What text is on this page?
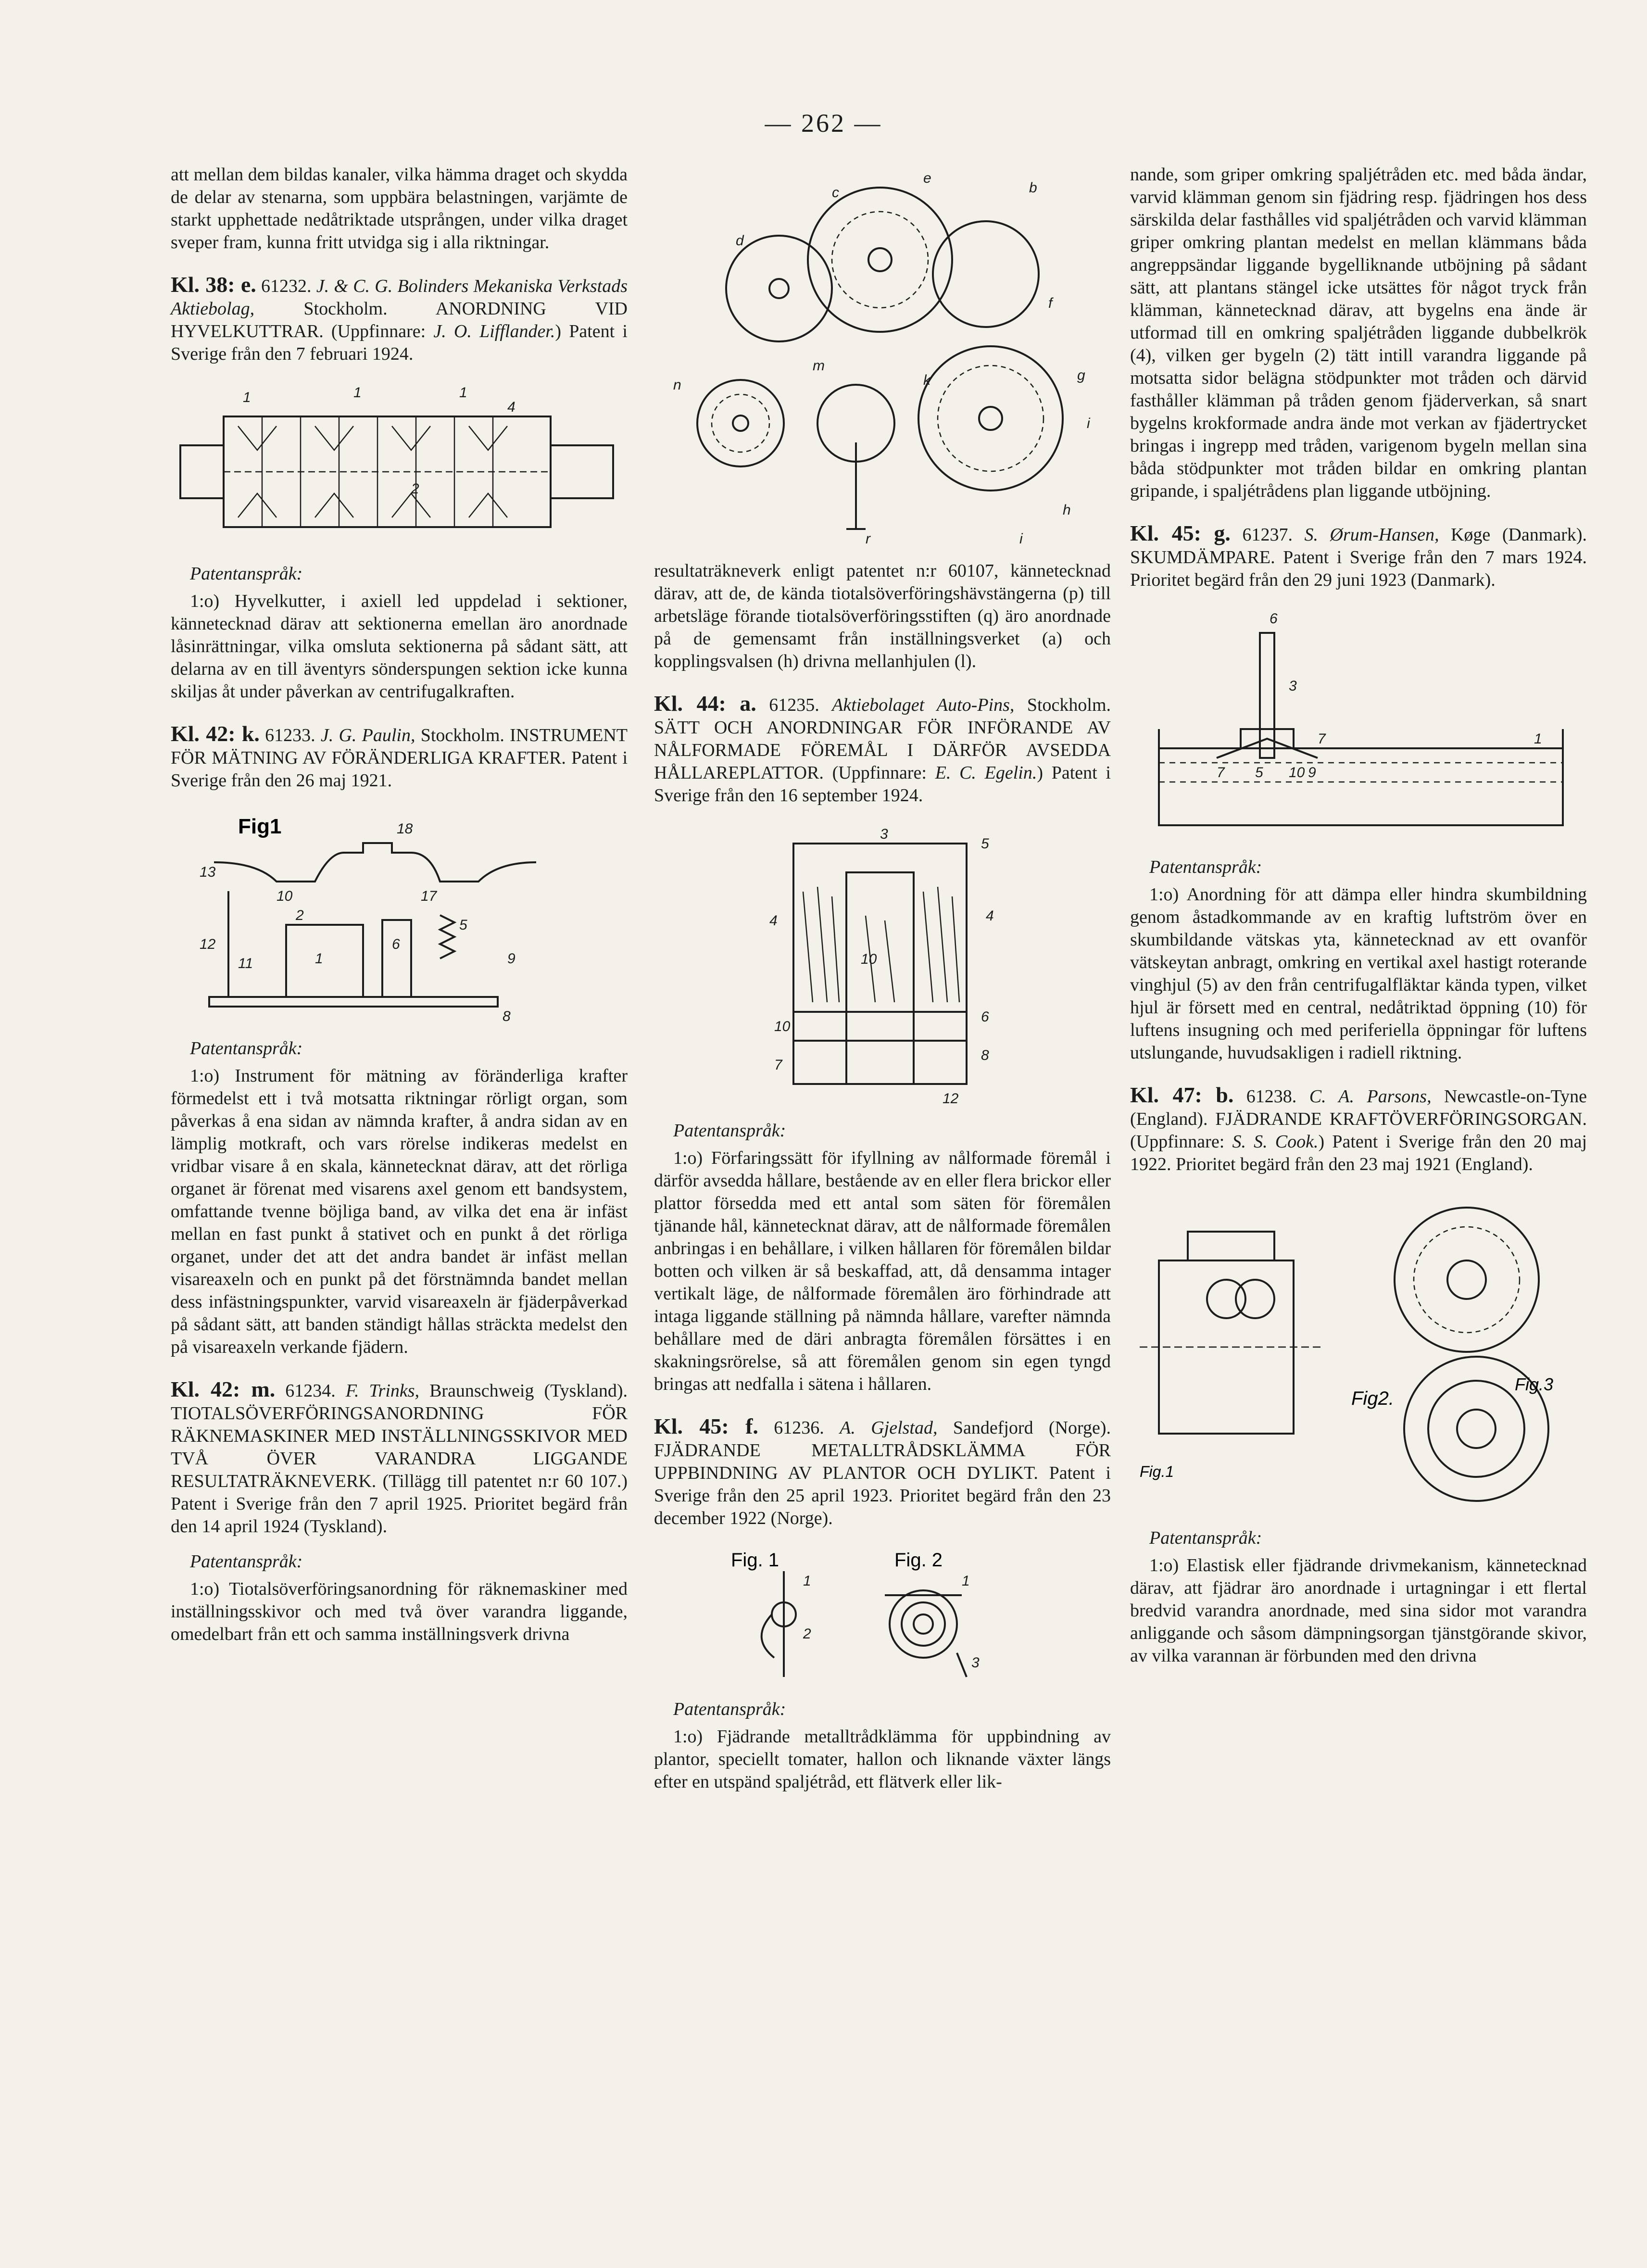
— 262 —

att mellan dem bildas kanaler, vilka hämma draget och skydda de delar av stenarna, som uppbära belastningen, varjämte de starkt upphettade nedåtriktade utsprången, under vilka draget sveper fram, kunna fritt utvidga sig i alla riktningar.

Kl. 38: e. 61232. J. & C. G. Bolinders Mekaniska Verkstads Aktiebolag,	Stockholm. ANORDNING VID HYVELKUTTRAR. (Uppfinnare: J. O. Lifflander.) Patent i Sverige från den 7 februari 1924.

1	1	1
4
2

Patentanspråk:

1:o) Hyvelkutter, i axiell led uppdelad i sektioner, kännetecknad därav att sektionerna emellan äro anordnade låsinrättningar, vilka omsluta sektionerna på sådant sätt, att delarna av en till äventyrs sönderspungen sektion icke kunna skiljas åt under påverkan av centrifugalkraften.

Kl. 42: k. 61233. J. G. Paulin, Stockholm. INSTRUMENT FÖR MÄTNING AV FÖRÄNDERLIGA KRAFTER. Patent i Sverige från den 26 maj 1921.

Fig1
13
10
2
18
17
5
6
9
1
12
11
8

Patentanspråk:

1:o) Instrument för mätning av föränderliga krafter förmedelst ett i två motsatta riktningar rörligt organ, som påverkas å ena sidan av nämnda krafter, å andra sidan av en lämplig motkraft, och vars rörelse indikeras medelst en vridbar visare å en skala, kännetecknat därav, att det rörliga organet är förenat med visarens axel genom ett bandsystem, omfattande tvenne böjliga band, av vilka det ena är infäst mellan en fast punkt å stativet och en punkt å det rörliga organet, under det att det andra bandet är infäst mellan visareaxeln och en punkt på det förstnämnda bandet mellan dess infästningspunkter, varvid visareaxeln är fjäderpåverkad på sådant sätt, att banden ständigt hållas sträckta medelst den på visareaxeln verkande fjädern.

Kl. 42: m. 61234. F. Trinks, Braunschweig (Tyskland). TIOTALSÖVERFÖRINGSANORDNING FÖR RÄKNEMASKINER MED INSTÄLLNINGSSKIVOR MED TVÅ ÖVER VARANDRA LIGGANDE RESULTATRÄKNEVERK. (Tillägg till patentet n:r 60 107.) Patent i Sverige från den 7 april 1925. Prioritet begärd från den 14 april 1924 (Tyskland).

Patentanspråk:

1:o) Tiotalsöverföringsanordning för räknemaskiner med inställningsskivor och med två över varandra liggande, omedelbart från ett och samma inställningsverk drivna

d
c
e
b
f
g
i
h
n
m
k
r	i

resultaträkneverk enligt patentet n:r 60107, kännetecknad därav, att de, de kända tiotalsöverföringshävstängerna (p) till arbetsläge förande tiotalsöverföringsstiften (q) äro anordnade på de gemensamt från inställningsverket (a) och kopplingsvalsen (h) drivna mellanhjulen (l).

Kl. 44: a. 61235. Aktiebolaget Auto-Pins, Stockholm. SÄTT OCH ANORDNINGAR FÖR INFÖRANDE AV NÅLFORMADE FÖREMÅL I DÄRFÖR AVSEDDA HÅLLAREPLATTOR. (Uppfinnare: E. C. Egelin.) Patent i Sverige från den 16 september 1924.

3
5
4	4
10
6
10
7
8
12

Patentanspråk:

1:o) Förfaringssätt för ifyllning av nålformade föremål i därför avsedda hållare, bestående av en eller flera brickor eller plattor försedda med ett antal som säten för föremålen tjänande hål, kännetecknat därav, att de nålformade föremålen anbringas i en behållare, i vilken hållaren för föremålen bildar botten och vilken är så beskaffad, att, då densamma intager vertikalt läge, de nålformade föremålen äro förhindrade att intaga liggande ställning på nämnda hållare, varefter nämnda behållare med de däri anbragta föremålen försättes i en skakningsrörelse, så att föremålen genom sin egen tyngd bringas att nedfalla i sätena i hållaren.

Kl. 45: f. 61236. A. Gjelstad, Sandefjord (Norge). FJÄDRANDE METALLTRÅDSKLÄMMA FÖR UPPBINDNING AV PLANTOR OCH DYLIKT. Patent i Sverige från den 25 april 1923. Prioritet begärd från den 23 december 1922 (Norge).

Fig. 1	Fig. 2
1
2
1
3

Patentanspråk:

1:o) Fjädrande metalltrådklämma för uppbindning av plantor, speciellt tomater, hallon och liknande växter längs efter en utspänd spaljétråd, ett flätverk eller lik-

nande, som griper omkring spaljétråden etc. med båda ändar, varvid klämman genom sin fjädring resp. fjädringen hos dess särskilda delar fasthålles vid spaljétråden och varvid klämman griper omkring plantan medelst en mellan klämmans båda angreppsändar liggande bygelliknande utböjning på sådant sätt, att plantans stängel icke utsättes för något tryck från klämman, kännetecknad därav, att bygelns ena ände är utformad till en omkring spaljétråden liggande dubbelkrök (4), vilken ger bygeln (2) tätt intill varandra liggande på motsatta sidor belägna stödpunkter mot tråden och därvid fasthåller klämman på tråden genom fjäderverkan, så snart bygelns krokformade andra ände mot verkan av fjädertrycket bringas i ingrepp med tråden, varigenom bygeln mellan sina båda stödpunkter mot tråden bildar en omkring plantan gripande, i spaljétrådens plan liggande utböjning.

Kl. 45: g. 61237. S. Ørum-Hansen, Køge (Danmark). SKUMDÄMPARE. Patent i Sverige från den 7 mars 1924. Prioritet begärd från den 29 juni 1923 (Danmark).

6
3
1
7 5 10 9
7

Patentanspråk:

1:o) Anordning för att dämpa eller hindra skumbildning genom åstadkommande av en kraftig luftström över en skumbildande vätskas yta, kännetecknad av ett ovanför vätskeytan anbragt, omkring en vertikal axel hastigt roterande vinghjul (5) av den från centrifugalfläktar kända typen, vilket hjul är försett med en central, nedåtriktad öppning (10) för luftens insugning och med periferiella öppningar för luftens utslungande, huvudsakligen i radiell riktning.

Kl. 47: b. 61238. C. A. Parsons, Newcastle-on-Tyne (England). FJÄDRANDE KRAFTÖVERFÖRINGSORGAN. (Uppfinnare: S. S. Cook.) Patent i Sverige från den 20 maj 1922. Prioritet begärd från den 23 maj 1921 (England).

Fig2.
Fig.3
Fig.1

Patentanspråk:

1:o) Elastisk eller fjädrande drivmekanism, kännetecknad därav, att fjädrar äro anordnade i urtagningar i ett flertal bredvid varandra anordnade, med sina sidor mot varandra anliggande och såsom dämpningsorgan tjänstgörande skivor, av vilka varannan är förbunden med den drivna
